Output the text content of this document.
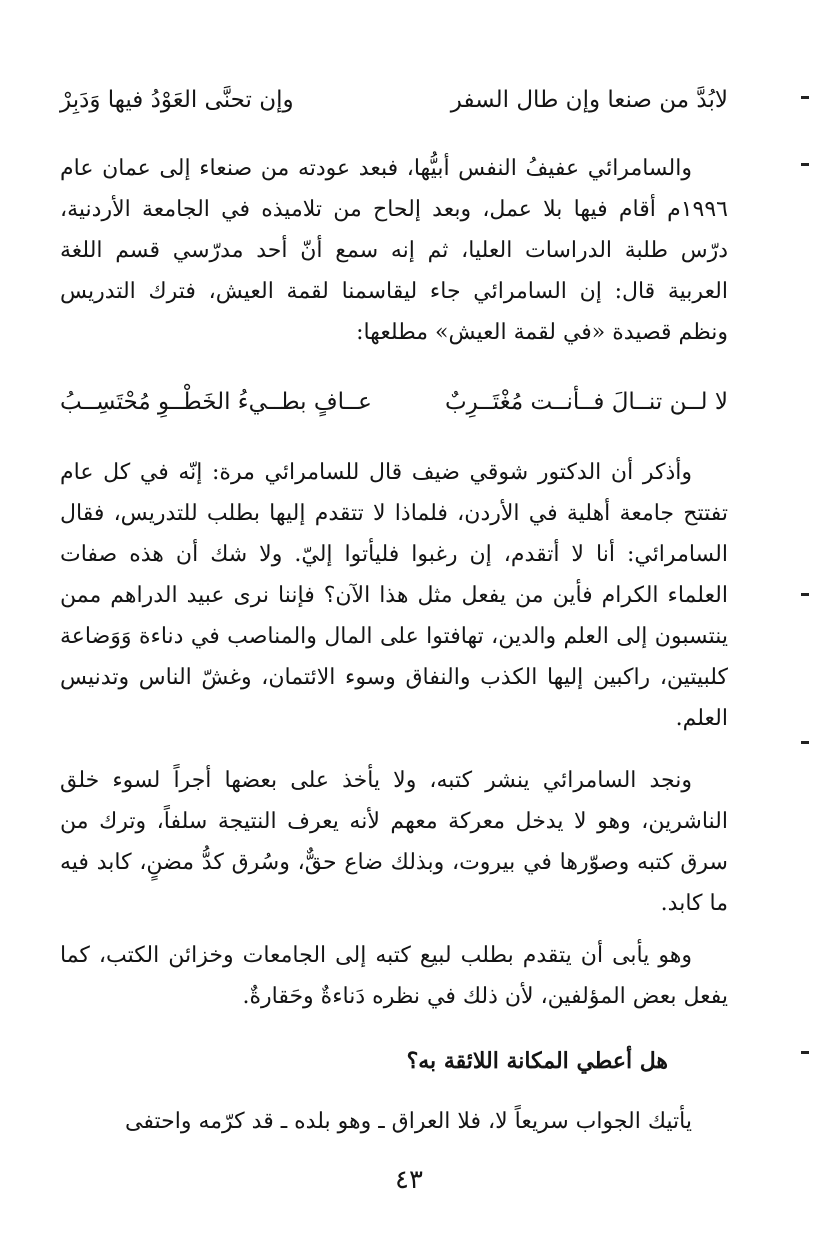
لابُدَّ من صنعا وإن طال السفر
وإن تحنَّى العَوْدُ فيها وَدَبِرْ

والسامرائي عفيفُ النفس أبيُّها، فبعد عودته من صنعاء إلى عمان عام ١٩٩٦م أقام فيها بلا عمل، وبعد إلحاح من تلاميذه في الجامعة الأردنية، درّس طلبة الدراسات العليا، ثم إنه سمع أنّ أحد مدرّسي قسم اللغة العربية قال: إن السامرائي جاء ليقاسمنا لقمة العيش، فترك التدريس ونظم قصيدة «في لقمة العيش» مطلعها:

لا لــن تنــالَ فــأنــت مُغْتَــرِبٌ
عــافٍ بطــيءُ الخَطْــوِ مُحْتَسِــبُ

وأذكر أن الدكتور شوقي ضيف قال للسامرائي مرة: إنّه في كل عام تفتتح جامعة أهلية في الأردن، فلماذا لا تتقدم إليها بطلب للتدريس، فقال السامرائي: أنا لا أتقدم، إن رغبوا فليأتوا إليّ. ولا شك أن هذه صفات العلماء الكرام فأين من يفعل مثل هذا الآن؟ فإننا نرى عبيد الدراهم ممن ينتسبون إلى العلم والدين، تهافتوا على المال والمناصب في دناءة وَوَضاعة كلبيتين، راكبين إليها الكذب والنفاق وسوء الائتمان، وغشّ الناس وتدنيس العلم.

ونجد السامرائي ينشر كتبه، ولا يأخذ على بعضها أجراً لسوء خلق الناشرين، وهو لا يدخل معركة معهم لأنه يعرف النتيجة سلفاً، وترك من سرق كتبه وصوّرها في بيروت، وبذلك ضاع حقٌّ، وسُرق كدُّ مضنٍ، كابد فيه ما كابد.

وهو يأبى أن يتقدم بطلب لبيع كتبه إلى الجامعات وخزائن الكتب، كما يفعل بعض المؤلفين، لأن ذلك في نظره دَناءةٌ وحَقارةٌ.

هل أعطي المكانة اللائقة به؟

يأتيك الجواب سريعاً لا، فلا العراق ـ وهو بلده ـ قد كرّمه واحتفى

٤٣
